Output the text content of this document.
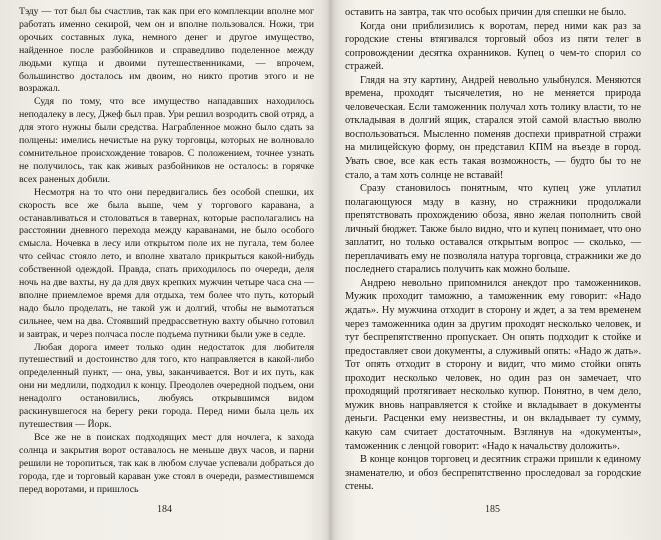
Тэду — тот был бы счастлив, так как при его комплекции вполне мог работать именно секирой, чем он и вполне пользовался. Ножи, три орочьих составных лука, немного денег и другое имущество, найденное после разбойников и справедливо поделенное между людьми купца и двоими путешественниками, — впрочем, большинство досталось им двоим, но никто против этого и не возражал.

Судя по тому, что все имущество нападавших находилось неподалеку в лесу, Джеф был прав. Ури решил возродить свой отряд, а для этого нужны были средства. Награбленное можно было сдать за полцены: имелись нечистые на руку торговцы, которых не волновало сомнительное происхождение товаров. С положением, точнее узнать не получилось, так как живых разбойников не осталось: в горячке всех раненых добили.

Несмотря на то что они передвигались без особой спешки, их скорость все же была выше, чем у торгового каравана, а останавливаться и столоваться в тавернах, которые располагались на расстоянии дневного перехода между караванами, не было особого смысла. Ночевка в лесу или открытом поле их не пугала, тем более что сейчас стояло лето, и вполне хватало прикрыться какой-нибудь собственной одеждой. Правда, спать приходилось по очереди, деля ночь на две вахты, ну да для двух крепких мужчин четыре часа сна — вполне приемлемое время для отдыха, тем более что путь, который надо было проделать, не такой уж и долгий, чтобы не вымотаться сильнее, чем на два. Стоявший предрассветную вахту обычно готовил и завтрак, и через полчаса после подъема путники были уже в седле.

Любая дорога имеет только один недостаток для любителя путешествий и достоинство для того, кто направляется в какой-либо определенный пункт, — она, увы, заканчивается. Вот и их путь, как они ни медлили, подходил к концу. Преодолев очередной подъем, они ненадолго остановились, любуясь открывшимся видом раскинувшегося на берегу реки города. Перед ними была цель их путешествия — Йорк.

Все же не в поисках подходящих мест для ночлега, к захода солнца и закрытия ворот оставалось не меньше двух часов, и парни решили не торопиться, так как в любом случае успевали добраться до города, где и торговый караван уже стоял в очереди, разместившемся перед воротами, и пришлось

184

оставить на завтра, так что особых причин для спешки не было.

Когда они приблизились к воротам, перед ними как раз за городские стены втягивался торговый обоз из пяти телег в сопровождении десятка охранников. Купец о чем-то спорил со стражей.

Глядя на эту картину, Андрей невольно улыбнулся. Меняются времена, проходят тысячелетия, но не меняется природа человеческая. Если таможенник получал хоть толику власти, то не откладывая в долгий ящик, старался этой самой властью вволю воспользоваться. Мысленно поменяв доспехи привратной стражи на милицейскую форму, он представил КПМ на въезде в город. Увать свое, все как есть такая возможность, — будто бы то не стало, а там хоть солнце не вставай!

Сразу становилось понятным, что купец уже уплатил полагающуюся мзду в казну, но стражники продолжали препятствовать прохождению обоза, явно желая пополнить свой личный бюджет. Также было видно, что и купец понимает, что оно заплатит, но только оставался открытым вопрос — сколько, — переплачивать ему не позволяла натура торговца, стражники же до последнего старались получить как можно больше.

Андрею невольно припомнился анекдот про таможенников. Мужик проходит таможню, а таможенник ему говорит: «Надо ждать». Ну мужчина отходит в сторону и ждет, а за тем временем через таможенника один за другим проходят несколько человек, и тут беспрепятственно пропускает. Он опять подходит к стойке и предоставляет свои документы, а служивый опять: «Надо ж дать». Тот опять отходит в сторону и видит, что мимо стойки опять проходит несколько человек, но один раз он замечает, что проходящий протягивает несколько купюр. Понятно, в чем дело, мужик вновь направляется к стойке и вкладывает в документы деньги. Расценки ему неизвестны, и он вкладывает ту сумму, какую сам считает достаточным. Взглянув на «документы», таможенник с ленцой говорит: «Надо к начальству доложить».

В конце концов торговец и десятник стражи пришли к единому знаменателю, и обоз беспрепятственно проследовал за городские стены.

185
